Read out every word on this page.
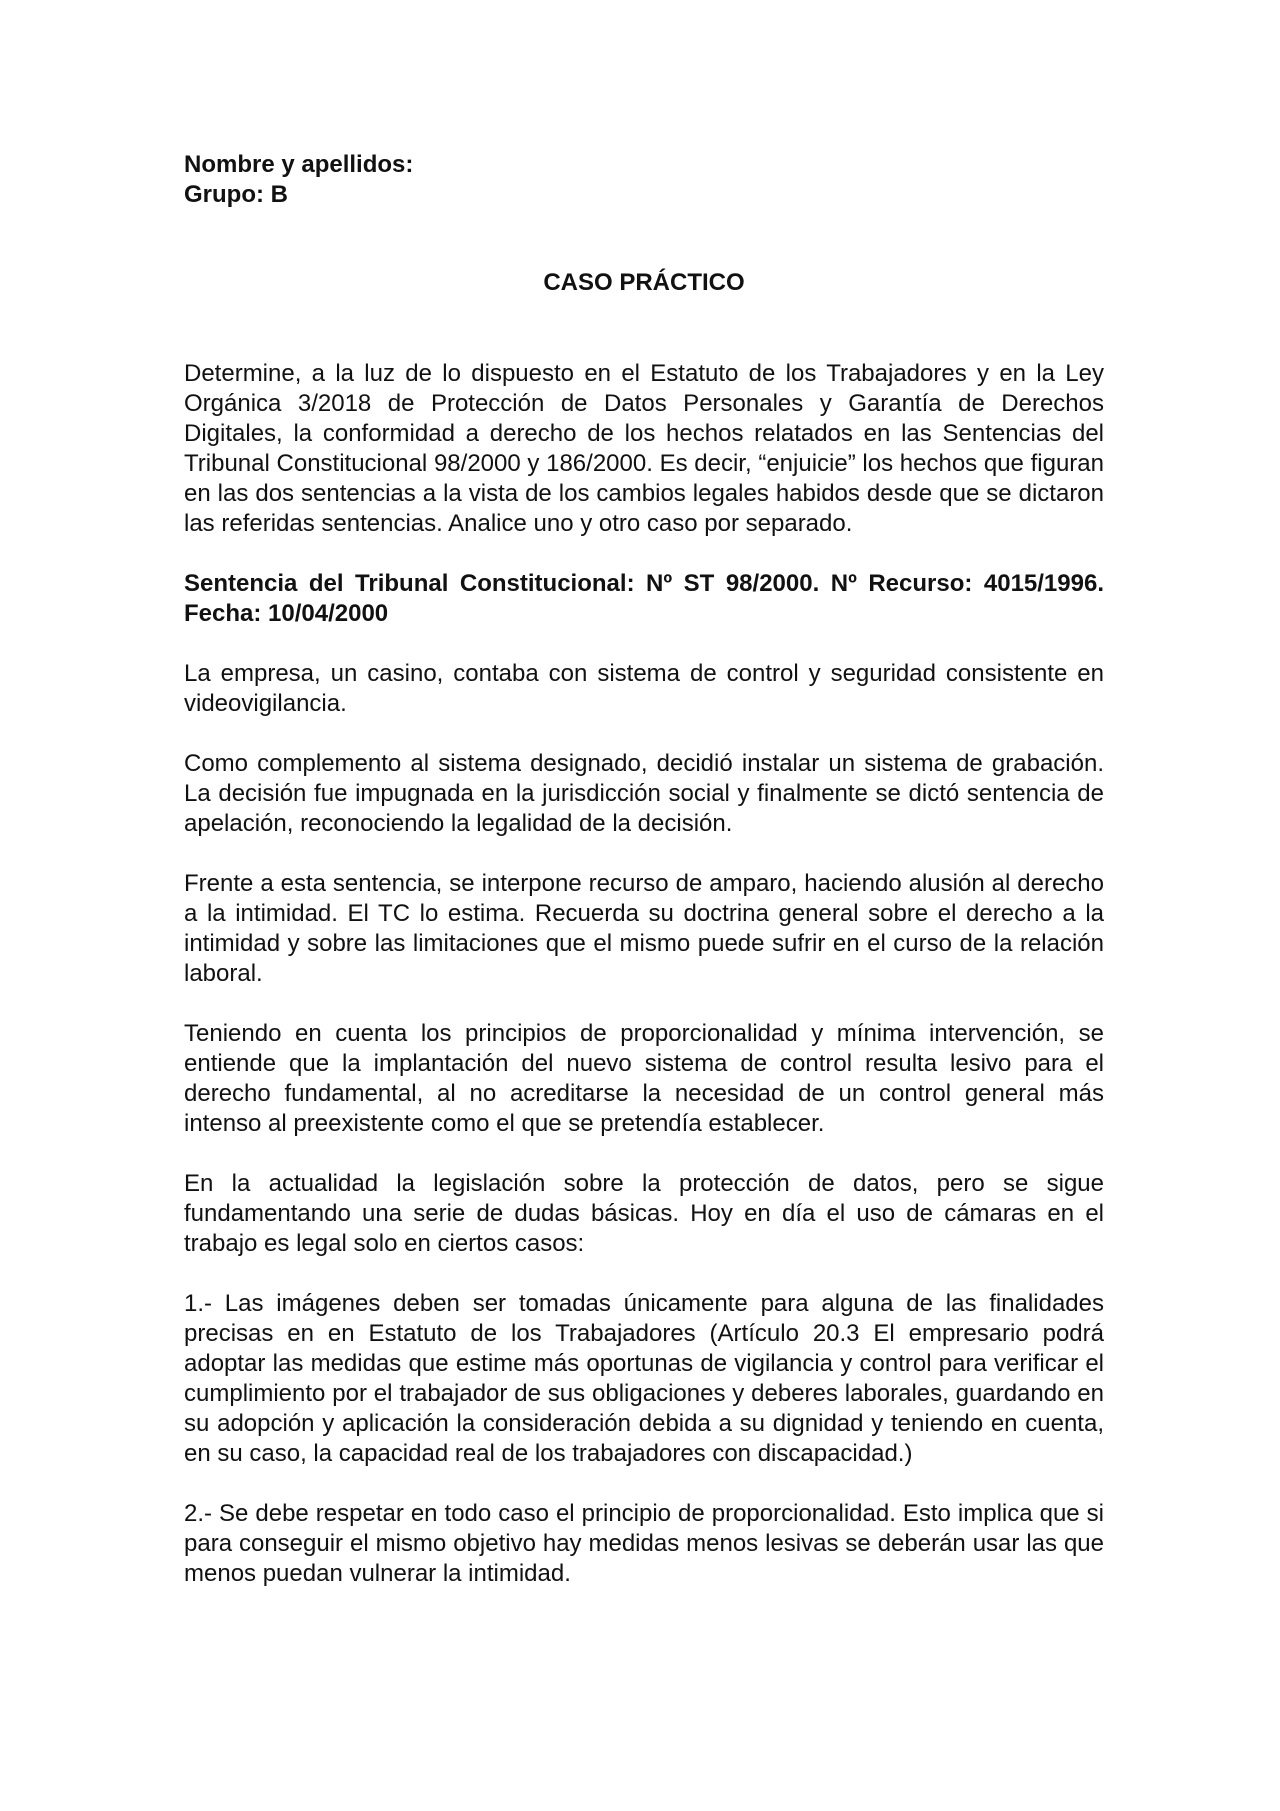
Nombre y apellidos:
Grupo: B
CASO PRÁCTICO

Determine, a la luz de lo dispuesto en el Estatuto de los Trabajadores y en la Ley Orgánica 3/2018 de Protección de Datos Personales y Garantía de Derechos Digitales, la conformidad a derecho de los hechos relatados en las Sentencias del Tribunal Constitucional 98/2000 y 186/2000. Es decir, “enjuicie” los hechos que figuran en las dos sentencias a la vista de los cambios legales habidos desde que se dictaron las referidas sentencias. Analice uno y otro caso por separado.

Sentencia del Tribunal Constitucional: Nº ST 98/2000. Nº Recurso: 4015/1996. Fecha: 10/04/2000

La empresa, un casino, contaba con sistema de control y seguridad consistente en videovigilancia.

Como complemento al sistema designado, decidió instalar un sistema de grabación. La decisión fue impugnada en la jurisdicción social y finalmente se dictó sentencia de apelación, reconociendo la legalidad de la decisión.

Frente a esta sentencia, se interpone recurso de amparo, haciendo alusión al derecho a la intimidad. El TC lo estima. Recuerda su doctrina general sobre el derecho a la intimidad y sobre las limitaciones que el mismo puede sufrir en el curso de la relación laboral.

Teniendo en cuenta los principios de proporcionalidad y mínima intervención, se entiende que la implantación del nuevo sistema de control resulta lesivo para el derecho fundamental, al no acreditarse la necesidad de un control general más intenso al preexistente como el que se pretendía establecer.

En la actualidad la legislación sobre la protección de datos, pero se sigue fundamentando una serie de dudas básicas. Hoy en día el uso de cámaras en el trabajo es legal solo en ciertos casos:

1.- Las imágenes deben ser tomadas únicamente para alguna de las finalidades precisas en en Estatuto de los Trabajadores (Artículo 20.3 El empresario podrá adoptar las medidas que estime más oportunas de vigilancia y control para verificar el cumplimiento por el trabajador de sus obligaciones y deberes laborales, guardando en su adopción y aplicación la consideración debida a su dignidad y teniendo en cuenta, en su caso, la capacidad real de los trabajadores con discapacidad.)

2.- Se debe respetar en todo caso el principio de proporcionalidad. Esto implica que si para conseguir el mismo objetivo hay medidas menos lesivas se deberán usar las que menos puedan vulnerar la intimidad.
